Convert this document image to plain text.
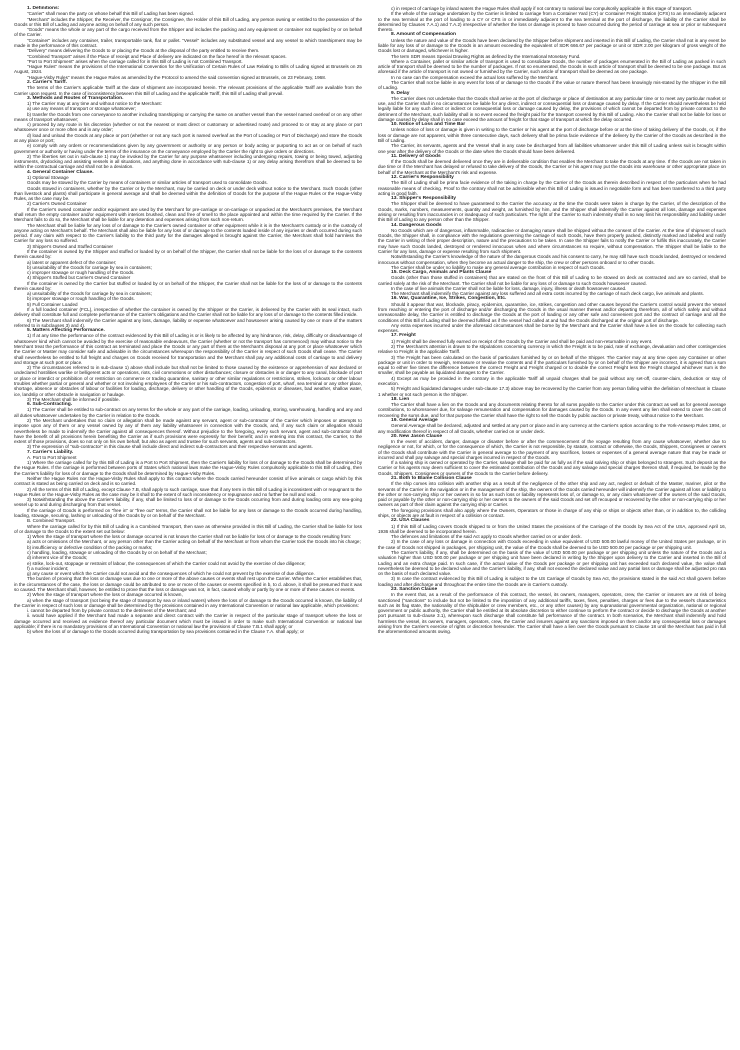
1. Definitions:

"Carrier" shall mean the party on whose behalf this Bill of Lading has been signed.

"Merchant" includes the Shipper, the Receiver, the Consignor, the Consignee, the Holder of this Bill of Lading, any person owning or entitled to the possession of the Goods or this Bill of Lading and anyone acting on behalf of any such person.

"Goods" means the whole or any part of the cargo received from the Shipper and includes the packing and any equipment or container not supplied by or on behalf of the Carrier.

"Container" includes any container, trailer, transportable tank, flat or pallet. "Vessel" includes any substituted vessel and any vessel to which transhipment may be made in the performance of this contract.

"Delivery" means delivering the Goods to or placing the Goods at the disposal of the party entitled to receive them.

"Combined Transport" arises if the Place of receipt and Place of delivery are indicated on the face hereof in the relevant spaces.

"Port to Port Shipment" arises when the carriage called for in this Bill of Lading is not Combined Transport.

"Hague Rules" means the provisions of the International Convention for the Unification of Certain Rules of Law Relating to Bills of Lading signed at Brussels on 25 August, 1924.

"Hague-Visby Rules" means the Hague Rules as amended by the Protocol to amend the said convention signed at Brussels, on 23 February, 1968.

2. Carrier's Tariff.

The terms of the Carrier's applicable Tariff at the date of shipment are incorporated herein. The relevant provisions of the applicable Tariff are available from the Carrier upon request. In the case of inconsistency between this Bill of Lading and the applicable Tariff, this Bill of Lading shall prevail.

3. Methods and Routes of Transportation.

1) The Carrier may at any time and without notice to the Merchant:

a) use any means of transport or storage whatsoever;

b) transfer the Goods from one conveyance to another including transhipping or carrying the same on another vessel than the vessel named overleaf or on any other means of transport whatsoever;

c) proceed by any route in his discretion (whether or not the nearest or most direct or customary or advertised route) and proceed to or stay at any place or port whatsoever once or more often and in any order;

d) load and unload the Goods at any place or port (whether or not any such port is named overleaf as the Port of Loading or Port of Discharge) and store the Goods at any place or port;

e) comply with any orders or recommendations given by any government or authority or any person or body acting or purporting to act as or on behalf of such government or authority or having under the terms of the insurance on the conveyance employed by the Carrier the right to give orders or directions.

2) The liberties set out in sub-clause 1) may be invoked by the Carrier for any purpose whatsoever including undergoing repairs, towing or being towed, adjusting instruments, drydocking and assisting vessels in all situations, and anything done in accordance with sub-clause 1) or any delay arising therefrom shall be deemed to be within the contractual carriage and shall not be a deviation.

4. General Container Clause.

1) Optional Stowage

Goods may be stowed by the Carrier by means of containers or similar articles of transport used to consolidate Goods.

Goods stowed in containers, whether by the Carrier or by the Merchant, may be carried on deck or under deck without notice to the Merchant. Such Goods (other than livestock and plants) shall participate in general average and shall be deemed within the definition of Goods for the purpose of the Hague Rules or the Hague-Visby Rules, as the case may be.

2) Carrier's Owned Container

If the Carrier's owned container and/or equipment are used by the Merchant for pre-carriage or on-carriage or unpacked at the Merchant's premises, the Merchant shall return the empty container and/or equipment with interiors brushed, clean and free of smell to the place appointed and within the time required by the Carrier. If the Merchant fails to do so, the Merchant shall be liable for any detention and expenses arising from such non-return.

The Merchant shall be liable for any loss of or damage to the Carrier's owned container or other equipment while it is in the Merchant's custody or in the custody of anyone acting on Merchant's behalf. The Merchant shall also be liable for any loss of or damage to the contents loaded inside of any injuries or death occurred during such period. If any claim with respect to the Carrier's liability to the third party for the damages alleged is brought against the Carrier, the Merchant shall hold harmless the Carrier for any loss so suffered.

3) Shipper's Owned and Stuffed Container

If the container is owned by the Shipper and stuffed or loaded by or on behalf of the Shipper, the Carrier shall not be liable for the loss of or damage to the contents therein caused by:

a) latent or apparent defect of the container;

b) unsuitability of the Goods for carriage by sea in containers;

c) improper stowage or rough handling of the Goods.

4) Shipper's Stuffed but Carrier's Owned Container

If the container is owned by the Carrier but stuffed or loaded by or on behalf of the Shipper, the Carrier shall not be liable for the loss of or damage to the contents therein caused by:

a) unsuitability of the Goods for carriage by sea in containers;

b) improper stowage or rough handling of the Goods.

5) Full Container Loaded

If a full loaded container (FCL), irrespective of whether the container is owned by the Shipper or the Carrier, is delivered by the Carrier with its seal intact, such delivery shall constitute full and complete performance of the Carrier's obligations and the Carrier shall not be liable for any loss of or damage to the contents filled inside.

6) The Merchant shall indemnify the Carrier against any loss, damage, liability or expense whatsoever and howsoever arising caused by one or more of the matters referred to in subclauses 3) and 4).

5. Matters Affecting Performance.

1) If at any time the performance of the contract evidenced by this Bill of Lading is or is likely to be affected by any hindrance, risk, delay, difficulty or disadvantage of whatsoever kind which cannot be avoided by the exercise of reasonable endeavours, the Carrier (whether or not the transport has commenced) may without notice to the Merchant treat the performance of this contract as terminated and place the Goods or any part of them at the Merchant's disposal at any port or place whatsoever which the Carrier or Master may consider safe and advisable in the circumstances whereupon the responsibility of the Carrier in respect of such Goods shall cease. The Carrier shall nevertheless be entitled to full freight and charges on Goods received for transportation and the Merchant shall pay any additional costs of carriage to and delivery and storage at such port or place.

2) The circumstances referred to in sub-clause 1) above shall include but shall not be limited to those caused by the existence or apprehension of war declared or undeclared hostilities warlike or belligerent acts or operations, riots, civil commotions or other disturbances; closure or obstacles in or danger to any canal, blockade of port or place or interdict or prohibition of or restriction on commerce or trading quarantine, sanitary or other similar regulations or restrictions, strikes, lockouts or other labour troubles whether partial or general and whether or not involving employees of the Carrier or his sub-contractors, congestion of port, wharf, sea terminal or any other place, shortage, absence or obstacles of labour or facilities for loading, discharge, delivery or other handling of the Goods, epidemics or diseases, bad weather, shallow water, ice, landslip or other obstacle in navigation or haulage.

3) The Merchant shall be informed if possible.

6. Sub-Contracting.

1) The Carrier shall be entitled to sub-contract on any terms for the whole or any part of the carriage, loading, unloading, storing, warehousing, handling and any and all duties whatsoever undertaken by the Carrier in relation to the Goods.

2) The Merchant undertakes that no claim or allegation shall be made against any servant, agent or sub-contractor of the Carrier which imposes or attempts to impose upon any of them or any vessel owned by any of them any liability whatsoever in connection with the Goods, and, if any such claim or allegation should nevertheless be made to indemnify the Carrier against all consequences thereof. Without prejudice to the foregoing, every such servant, agent and sub-contractor shall have the benefit of all provisions herein benefiting the Carrier as if such provisions were expressly for their benefit; and in entering into this contract, the Carrier, to the extent of those provisions, does so not only on his own behalf, but also as agent and trustee for such servants, agents and sub-contractors.

3) The expression of "sub-contractor" in this clause shall include direct and indirect sub-contractors and their respective servants and agents.

7. Carrier's Liability.

A. Port to Port Shipment

1) Where the carriage called for by this Bill of Lading is a Port to Port Shipment, then the Carrier's liability for loss of or damage to the Goods shall be determined by the Hague Rules. If the carriage is performed between ports of States which national laws make the Hague-Visby Rules compulsorily applicable to this Bill of Lading, then the Carrier's liability for loss of or damage to the Goods shall be determined by Hague-Visby Rules.

Neither the Hague Rules nor the Hague-Visby Rules shall apply to this contract where the Goods carried hereunder consist of live animals or cargo which by this contract is stated as being carried on deck and is so carried.

2) All the terms of this Bill of Lading, except Clause 7.B, shall apply to such carriage, save that if any term in this Bill of Lading is inconsistent with or repugnant to the Hague Rules or the Hague-Visby Rules as the case may be it shall to the extent of such inconsistency or repugnance and no further be null and void.

3) Notwithstanding the above the Carrier's liability, if any, shall be limited to loss of or damage to the Goods occurring from and during loading onto any sea-going vessel up to and during discharging from that vessel.

If the carriage of Goods is performed on "free in" or "free out" terms, the Carrier shall not be liable for any loss or damage to the Goods occurred during handling, loading, stowage, securing, lashing or unloading of the Goods by or on behalf of the Merchant.

B. Combined Transport.

Where the carriage called for by this Bill of Lading is a Combined Transport, then save as otherwise provided in this Bill of Lading, the Carrier shall be liable for loss of or damage to the Goods to the extent set out below:

1) When the stage of transport where the loss or damage occurred is not known the Carrier shall not be liable for loss of or damage to the Goods resulting from:

a) acts or omissions of the Merchant, or any person other than the Carrier acting on behalf of the Merchant or from whom the Carrier took the Goods into his charge;

b) insufficiency or defective condition of the packing or marks;

c) handling, loading, stowage or unloading of the Goods by or on behalf of the Merchant;

d) inherent vice of the Goods;

e) strike, lock-out, stoppage or restraint of labour, the consequences of which the Carrier could not avoid by the exercise of due diligence;

f) a nuclear incident;

g) any cause or event which the Carrier could not avoid and the consequences of which he could not prevent by the exercise of due diligence.

The burden of proving that the loss or damage was due to one or more of the above causes or events shall rest upon the Carrier. When the Carrier establishes that, in the circumstances of the case, the loss or damage could be attributed to one or more of the causes or events specified in b, to d. above, it shall be presumed that it was so caused. The Merchant shall, however, be entitled to prove that the loss or damage was not, in fact, caused wholly or partly by one or more of these causes or events.

2) When the stage of transport where the loss or damage occurred is known,

a) when the stage of transport (not being the stage of transport by sea or inland waters) where the loss of or damage to the Goods occurred is known, the liability of the Carrier in respect of such loss or damage shall be determined by the provisions contained in any International Convention or national law applicable, which provisions:

i. cannot be departed from by private contract to the detriment of the Merchant; and

ii. would have applied if the Merchant had made a separate and direct contract with the Carrier in respect of the particular stage of transport where the loss or damage occurred and received as evidence thereof any particular document which must be issued in order to make such International Convention or national law applicable; if there is no mandatory provisions of an International Convention or national law the provisions of Clause 7.B.1 shall apply; or

b) when the loss of or damage to the Goods occurred during transportation by sea provisions contained in the Clause 7.A. shall apply; or

c) in respect of carriage by inland waters the Hague Rules shall apply if not contrary to national law compulsorily applicable in this stage of transport.

If the whole of the carriage undertaken by the Carrier is limited to carriage from a Container Yard (CY) or Container Freight Station (CFS) to an immediately adjacent to the sea terminal at the port of loading to a CY or CFS in or immediately adjacent to the sea terminal at the port of discharge, the liability of the Carrier shall be determined by Clauses 7.A.1) and 7.A.2) irrespective of whether the loss or damage is proved to have occurred during the period of carriage at sea or prior or subsequent thereto.

8. Amount of Compensation

Unless the nature and value of the Goods have been declared by the Shipper before shipment and inserted in this Bill of Lading, the Carrier shall not in any event be liable for any loss of or damage to the Goods in an amount exceeding the equivalent of SDR 666.67 per package or unit or SDR 2.00 per kilogram of gross weight of the Goods lost or damaged, whichever is higher.

The term SDR means Special Drawing Rights as defined by the International Monetary Fund.

Where a Container, pallet or similar article of transport is used to consolidate Goods, the number of packages enumerated in the Bill of Lading as packed in such article of transport shall be deemed to be the number of packages. If not so enumerated, the Goods in such article of transport shall be deemed to be one package. But as aforesaid if the article of transport is not owned or furnished by the Carrier, such article of transport shall be deemed as one package.

In no case can the compensation exceed the actual loss suffered by the Merchant.

The Carrier shall not be liable in any event for loss of or damage to the Goods if the value or nature thereof has been knowingly mis-stated by the Shipper in the Bill of Lading.

9. Delay

The Carrier does not undertake that the Goods shall arrive at the port of discharge or place of destination at any particular time or to meet any particular market or use, and the Carrier shall in no circumstances be liable for any direct, indirect or consequential loss or damage caused by delay. If the Carrier should nevertheless be held legally liable for any such direct or indirect or consequential loss or damage caused by delay, the provisions of which cannot be departed from by private contract to the detriment of the Merchant, such liability shall in no event exceed the freight paid for the transport covered by this Bill of Lading. Also the Carrier shall not be liable for loss or damage caused by delay shall in no case exceed the amount of freight for that stage of transport at which the delay occurred.

10. Notice of Loss and Time Bar

Unless notice of loss or damage is given in writing to the Carrier or his agent at the port of discharge before or at the time of taking delivery of the Goods, or, if the loss or damage are not apparent, within three consecutive days, such delivery shall be prima facie evidence of the delivery by the Carrier of the Goods as described in the Bill of Lading.

The Carrier, its servants, agents and the Vessel shall in any case be discharged from all liabilities whatsoever under this Bill of Lading unless suit is brought within one year after the delivery of the Goods or the date when the Goods should have been delivered.

11. Delivery of Goods

If the Goods shall be deemed delivered once they are in deliverable condition that enables the Merchant to take the Goods at any time. If the Goods are not taken in due time or if the Merchant has delayed or refused to take delivery of the Goods, the Carrier or his agent may put the Goods into warehouse or other appropriate place on behalf of the Merchant at the Merchant's risk and expense.

12. Carrier's Responsibility

The Bill of Lading shall be prima facie evidence of the taking in charge by the Carrier of the Goods as therein described in respect of the particulars when he had reasonable means of checking. Proof to the contrary shall not be admissible when this Bill of Lading is issued in negotiable form and has been transferred to a third party acting in good faith.

13. Shipper's Responsibility

The Shipper shall be deemed to have guaranteed to the Carrier the accuracy at the time the Goods were taken in charge by the Carrier, of the description of the Goods, marks, numbers, measurements, quantity and weight, as furnished by him, and the Shipper shall indemnify the Carrier against all loss, damage and expenses arising or resulting from inaccuracies in or inadequacy of such particulars. The right of the Carrier to such indemnity shall in no way limit his responsibility and liability under this Bill of Lading to any person other than the Shipper.

14. Dangerous Goods

No Goods which are of dangerous, inflammable, radioactive or damaging nature shall be shipped without the consent of the Carrier. At the time of shipment of such Goods, the Shipper shall, in compliance with the regulations governing the carriage of such Goods, have them properly packed, distinctly marked and labelled and notify the Carrier in writing of their proper description, nature and the precautions to be taken. In case the Shipper fails to notify the Carrier or fulfils this inaccurately, the Carrier may have such Goods landed, destroyed or rendered innocuous when and where circumstances so require, without compensation. The Shipper shall be liable to the Carrier for any loss, damage or expense resulting from such shipment.

Notwithstanding the Carrier's knowledge of the nature of the dangerous Goods and his consent to carry, he may still have such Goods landed, destroyed or rendered innocuous without compensation, when they become an actual danger to the ship, the crew or other persons onboard or to other Goods.

The Carrier shall be under no liability to make any general average contribution in respect of such Goods.

15. Deck Cargo, Animals and Plants Clause

Goods (other than those stuffed in containers) that are stated on the front of this Bill of Lading to be stowed on deck as contracted and are so carried, shall be carried solely at the risk of the Merchant. The Carrier shall not be liable for any loss of or damage to such Goods howsoever caused.

In the case of live animals the Carrier shall not be liable for loss, damage, injury, illness or death howsoever caused.

The Merchant shall indemnify the Carrier against any loss suffered and all extra costs incurred by the carriage of such deck cargo, live animals and plants.

16. War, Quarantine, Ice, Strikes, Congestion, Etc.

Should it appear that war, blockade, piracy, epidemics, quarantine, ice, strikes, congestion and other causes beyond the Carrier's control would prevent the Vessel from reaching or entering the port of discharge and/or discharging the Goods in the usual manner thereat and/or departing therefrom, all of which safely and without unreasonable delay, the Carrier is entitled to discharge the Goods at the port of loading or any other safe and convenient port and the contract of carriage and all the conditions of this Bill of Lading shall be deemed fulfilled as if the vessel had called at and had the Goods discharged at the original port of discharge.

Any extra expenses incurred under the aforesaid circumstances shall be borne by the Merchant and the Carrier shall have a lien on the Goods for collecting such expenses.

17. Freight

1) Freight shall be deemed fully earned on receipt of the Goods by the Carrier and shall be paid and non-returnable in any event.

2) The Merchant's attention is drawn to the stipulations concerning currency in which the Freight is to be paid, rate of exchange, devaluation and other contingencies relative to Freight in the applicable Tariff.

3) The Freight has been calculated on the basis of particulars furnished by or on behalf of the Shipper. The Carrier may at any time open any Container or other package or unit in order to reweigh, remeasure or revalue the contents and if the particulars furnished by or on behalf of the Shipper are incorrect, it is agreed that a sum equal to either five times the difference between the correct Freight and Freight charged or to double the correct Freight less the Freight charged whichever sum is the smaller, shall be payable as liquidated damages to the Carrier.

4) Except as may be provided in the contrary in the applicable Tariff all unpaid charges shall be paid without any set-off, counter-claim, deduction or stay of execution.

5) Freight and liquidated damages under sub-clause 17.3) above may be recovered by the Carrier from any person falling within the definition of Merchant in Clause 1 whether or not such person is the Shipper.

18. Lien

The Carrier shall have a lien on the Goods and any documents relating thereto for all sums payable to the Carrier under this contract as well as for general average contributions, to whomsoever due, for salvage remuneration and compensation for damages caused by the Goods. In any event any lien shall extend to cover the cost of recovering the sums due, and for that purpose the Carrier shall have the right to sell the Goods by public auction or private treaty, without notice to the Merchant.

19. General Average

General Average shall be declared, adjusted and settled at any port or place and in any currency at the Carrier's option according to the York-Antwerp Rules 1994, or any modification thereof in respect of all Goods, whether carried on or under deck.

20. New Jason Clause

In the event of accident, danger, damage or disaster before or after the commencement of the voyage resulting from any cause whatsoever, whether due to negligence or not, for which, or for the consequence of which, the Carrier is not responsible, by statute, contract or otherwise, the Goods, Shippers, Consignees or owners of the Goods shall contribute with the Carrier in general average to the payment of any sacrifices, losses or expenses of a general average nature that may be made or incurred and shall pay salvage and special charges incurred in respect of the Goods.

If a salving ship is owned or operated by the Carrier, salvage shall be paid for as fully as if the said salving ship or ships belonged to strangers. Such deposit as the Carrier or his agents may deem sufficient to cover the estimated contribution of the Goods and any salvage and special charges thereon shall, if required, be made by the Goods, Shippers, Consignees or owners of the Goods to the Carrier before delivery.

21. Both to Blame Collision Clause

If the ship comes into collision with another ship as a result of the negligence of the other ship and any act, neglect or default of the Master, mariner, pilot or the servants of the Carrier in the navigation or in the management of the ship, the owners of the Goods carried hereunder will indemnify the Carrier against all loss or liability to the other or non-carrying ship or her owners in so far as such loss or liability represents loss of, or damage to, or any claim whatsoever of the owners of the said Goods, paid or payable by the other or non-carrying ship or her owners to the owners of the said Goods and set off recouped or recovered by the other or non-carrying ship or her owners as part of their claim against the carrying ship or Carrier.

The foregoing provisions shall also apply where the Owners, Operators or those in charge of any ship or ships or objects other than, or in addition to, the colliding ships, or objects are at fault in respect of a collision or contact.

22. USA Clauses

1) If this Bill of Lading covers Goods shipped to or from the United States the provisions of the Carriage of the Goods by Sea Act of the USA, approved April 16, 1936 shall be deemed to be incorporated herein.

The defences and limitations of the said Act apply to Goods whether carried on or under deck.

2) In the case of any loss or damage in connection with Goods exceeding in value equivalent of USD 500.00 lawful money of the United States per package, or in the case of Goods not shipped in packages, per shipping unit, the value of the Goods shall be deemed to be USD 500.00 per package or per shipping unit.

The Carrier's liability, if any, shall be determined on the basis of the value of USD 500.00 per package or per shipping unit unless the nature of the Goods and a valuation higher than USD 500.00 per package or per shipping unit have been declared in writing by the Shipper upon delivery to the Carrier and inserted in the Bill of Lading and an extra charge paid. In such case, if the actual value of the Goods per package or per shipping unit has exceeded such declared value, the value shall nevertheless be deemed to be declared value and the Carrier's liability, if any, shall not exceed the declared value and any partial loss or damage shall be adjusted pro rata on the basis of such declared value.

3) In case the contract evidenced by this Bill of Lading is subject to the US Carriage of Goods by Sea Act, the provisions stated in the said Act shall govern before loading and after discharge and throughout the entire time the Goods are in Carrier's custody.

23. Sanction Clause

In the event that, as a result of the performance of this contract, the vessel, its owners, managers, operators, crew, the Carrier or insurers are at risk of being sanctioned ("sanctions" to include but not be limited to the imposition of any additional tariffs, taxes, fines, penalties, charges or fees due to the vessel's characteristics such as its flag state, the nationality of the shipbuilder or crew members, etc., or any other causes) by any supranational governmental organization, national or regional government or public authority, the Carrier shall be entitled at its absolute discretion to either continue to perform the contract or decide to discharge the Goods at another port pursuant to sub-clause 3.1), whereupon such discharge shall constitute full performance of the contract. In both scenarios, the Merchant shall indemnify and hold harmless the vessel, its owners, managers, operators, crew, the Carrier and insurers against any sanctions imposed on them and/or any consequential loss or damages arising from the Carrier's exercise of rights or discretion hereunder. The Carrier shall have a lien over the Goods pursuant to Clause 18 until the Merchant has paid in full the aforementioned amounts owing.
